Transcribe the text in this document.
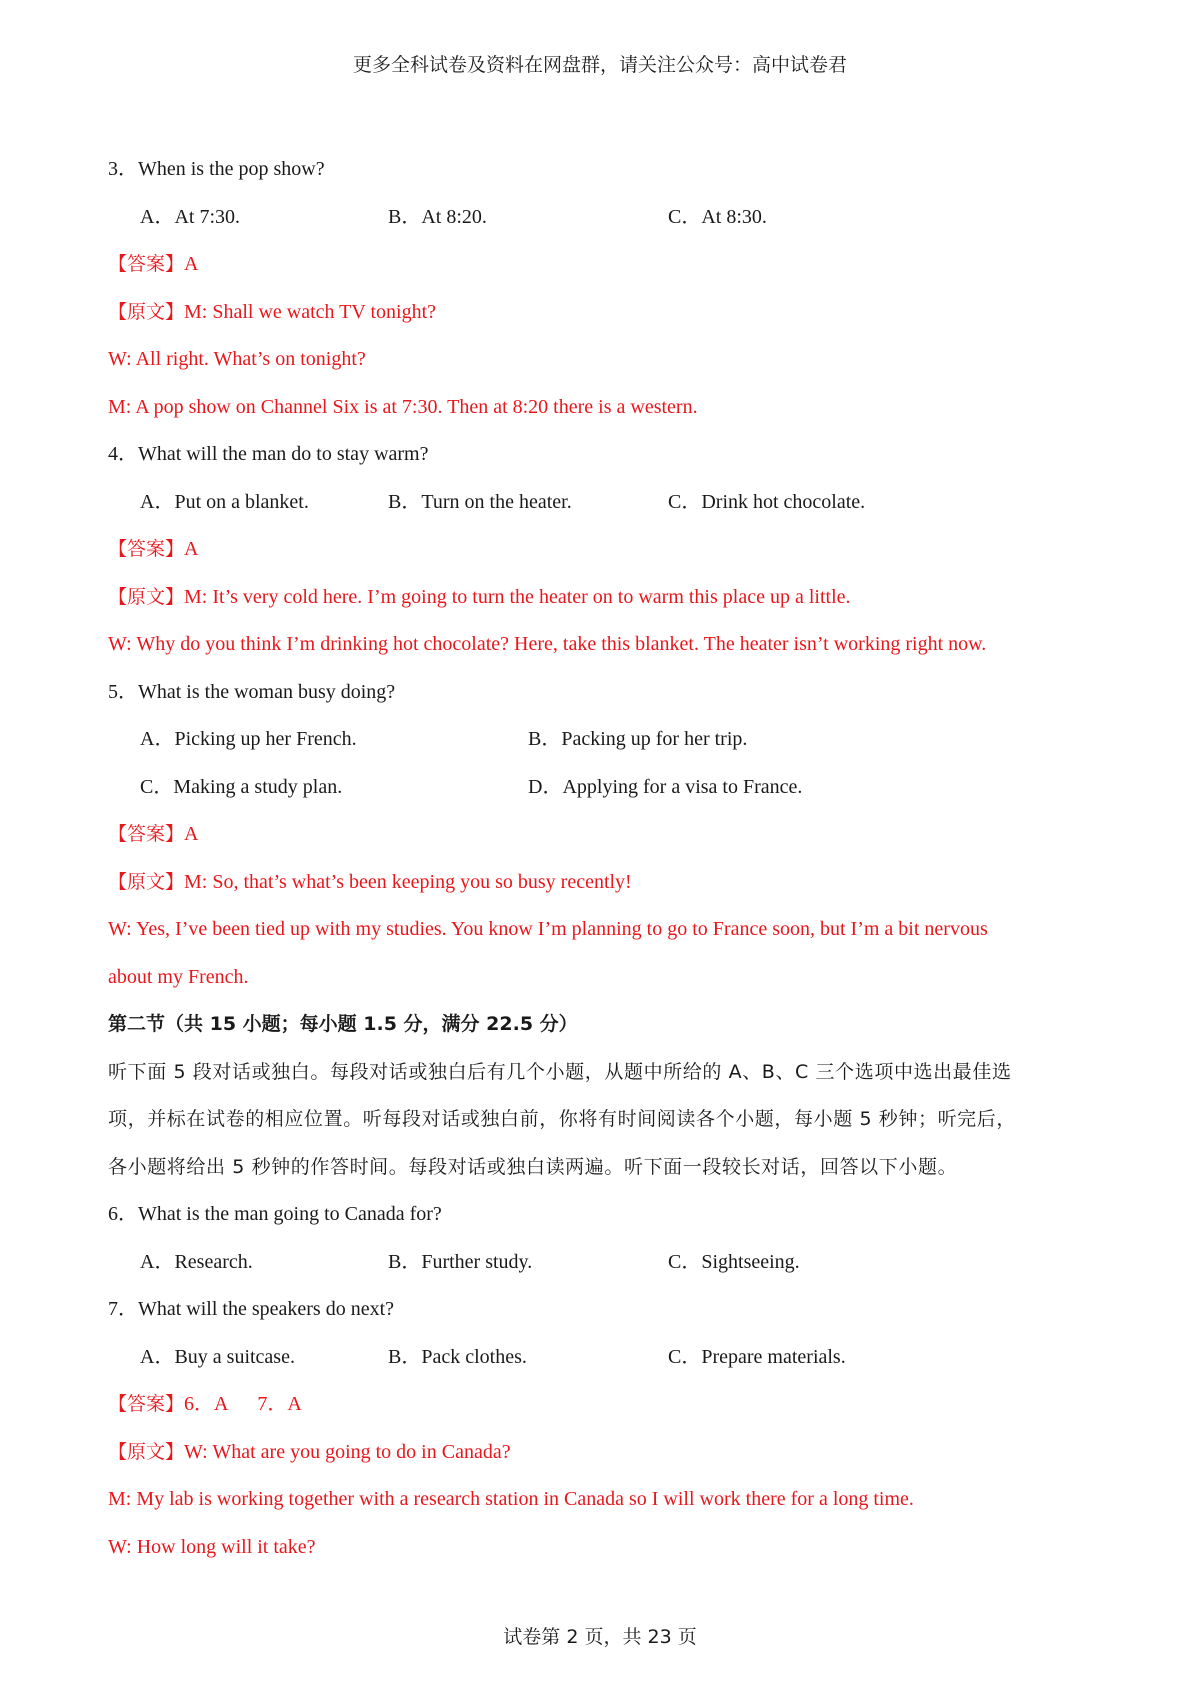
更多全科试卷及资料在网盘群，请关注公众号：高中试卷君
3．When is the pop show?
A．At 7:30.	B．At 8:20.	C．At 8:30.
【答案】A
【原文】M: Shall we watch TV tonight?
W: All right. What’s on tonight?
M: A pop show on Channel Six is at 7:30. Then at 8:20 there is a western.
4．What will the man do to stay warm?
A．Put on a blanket.	B．Turn on the heater.	C．Drink hot chocolate.
【答案】A
【原文】M: It’s very cold here. I’m going to turn the heater on to warm this place up a little.
W: Why do you think I’m drinking hot chocolate? Here, take this blanket. The heater isn’t working right now.
5．What is the woman busy doing?
A．Picking up her French.	B．Packing up for her trip.
C．Making a study plan.	D．Applying for a visa to France.
【答案】A
【原文】M: So, that’s what’s been keeping you so busy recently!
W: Yes, I’ve been tied up with my studies. You know I’m planning to go to France soon, but I’m a bit nervous
about my French.
第二节（共 15 小题；每小题 1.5 分，满分 22.5 分）
听下面 5 段对话或独白。每段对话或独白后有几个小题，从题中所给的 A、B、C 三个选项中选出最佳选
项，并标在试卷的相应位置。听每段对话或独白前，你将有时间阅读各个小题，每小题 5 秒钟；听完后，
各小题将给出 5 秒钟的作答时间。每段对话或独白读两遍。听下面一段较长对话，回答以下小题。
6．What is the man going to Canada for?
A．Research.	B．Further study.	C．Sightseeing.
7．What will the speakers do next?
A．Buy a suitcase.	B．Pack clothes.	C．Prepare materials.
【答案】6．A      7．A
【原文】W: What are you going to do in Canada?
M: My lab is working together with a research station in Canada so I will work there for a long time.
W: How long will it take?
试卷第 2 页，共 23 页
